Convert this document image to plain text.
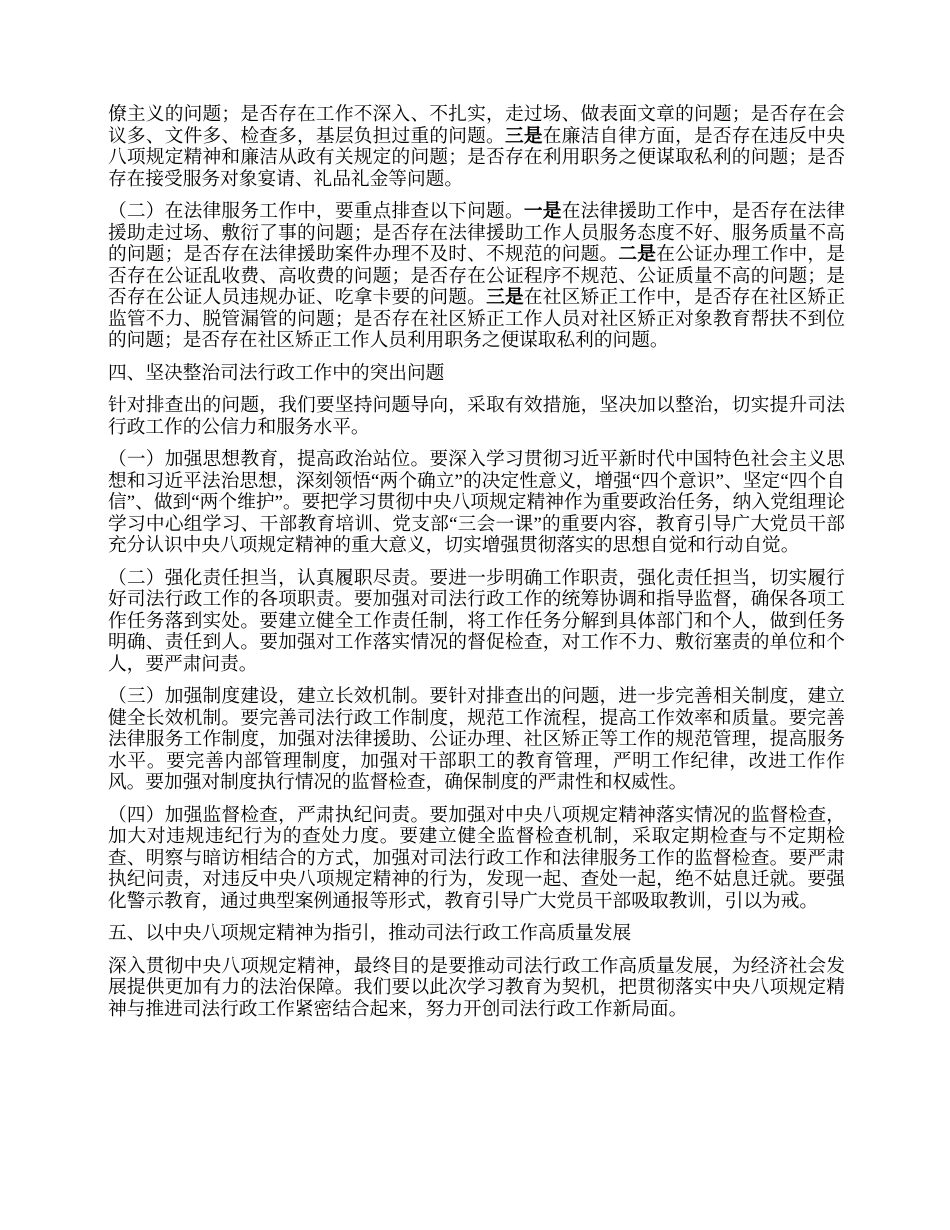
僚主义的问题；是否存在工作不深入、不扎实，走过场、做表面文章的问题；是否存在会议多、文件多、检查多，基层负担过重的问题。三是在廉洁自律方面，是否存在违反中央八项规定精神和廉洁从政有关规定的问题；是否存在利用职务之便谋取私利的问题；是否存在接受服务对象宴请、礼品礼金等问题。

（二）在法律服务工作中，要重点排查以下问题。一是在法律援助工作中，是否存在法律援助走过场、敷衍了事的问题；是否存在法律援助工作人员服务态度不好、服务质量不高的问题；是否存在法律援助案件办理不及时、不规范的问题。二是在公证办理工作中，是否存在公证乱收费、高收费的问题；是否存在公证程序不规范、公证质量不高的问题；是否存在公证人员违规办证、吃拿卡要的问题。三是在社区矫正工作中，是否存在社区矫正监管不力、脱管漏管的问题；是否存在社区矫正工作人员对社区矫正对象教育帮扶不到位的问题；是否存在社区矫正工作人员利用职务之便谋取私利的问题。

四、坚决整治司法行政工作中的突出问题

针对排查出的问题，我们要坚持问题导向，采取有效措施，坚决加以整治，切实提升司法行政工作的公信力和服务水平。

（一）加强思想教育，提高政治站位。要深入学习贯彻习近平新时代中国特色社会主义思想和习近平法治思想，深刻领悟“两个确立”的决定性意义，增强“四个意识”、坚定“四个自信”、做到“两个维护”。要把学习贯彻中央八项规定精神作为重要政治任务，纳入党组理论学习中心组学习、干部教育培训、党支部“三会一课”的重要内容，教育引导广大党员干部充分认识中央八项规定精神的重大意义，切实增强贯彻落实的思想自觉和行动自觉。

（二）强化责任担当，认真履职尽责。要进一步明确工作职责，强化责任担当，切实履行好司法行政工作的各项职责。要加强对司法行政工作的统筹协调和指导监督，确保各项工作任务落到实处。要建立健全工作责任制，将工作任务分解到具体部门和个人，做到任务明确、责任到人。要加强对工作落实情况的督促检查，对工作不力、敷衍塞责的单位和个人，要严肃问责。

（三）加强制度建设，建立长效机制。要针对排查出的问题，进一步完善相关制度，建立健全长效机制。要完善司法行政工作制度，规范工作流程，提高工作效率和质量。要完善法律服务工作制度，加强对法律援助、公证办理、社区矫正等工作的规范管理，提高服务水平。要完善内部管理制度，加强对干部职工的教育管理，严明工作纪律，改进工作作风。要加强对制度执行情况的监督检查，确保制度的严肃性和权威性。

（四）加强监督检查，严肃执纪问责。要加强对中央八项规定精神落实情况的监督检查，加大对违规违纪行为的查处力度。要建立健全监督检查机制，采取定期检查与不定期检查、明察与暗访相结合的方式，加强对司法行政工作和法律服务工作的监督检查。要严肃执纪问责，对违反中央八项规定精神的行为，发现一起、查处一起，绝不姑息迁就。要强化警示教育，通过典型案例通报等形式，教育引导广大党员干部吸取教训，引以为戒。

五、以中央八项规定精神为指引，推动司法行政工作高质量发展

深入贯彻中央八项规定精神，最终目的是要推动司法行政工作高质量发展，为经济社会发展提供更加有力的法治保障。我们要以此次学习教育为契机，把贯彻落实中央八项规定精神与推进司法行政工作紧密结合起来，努力开创司法行政工作新局面。
